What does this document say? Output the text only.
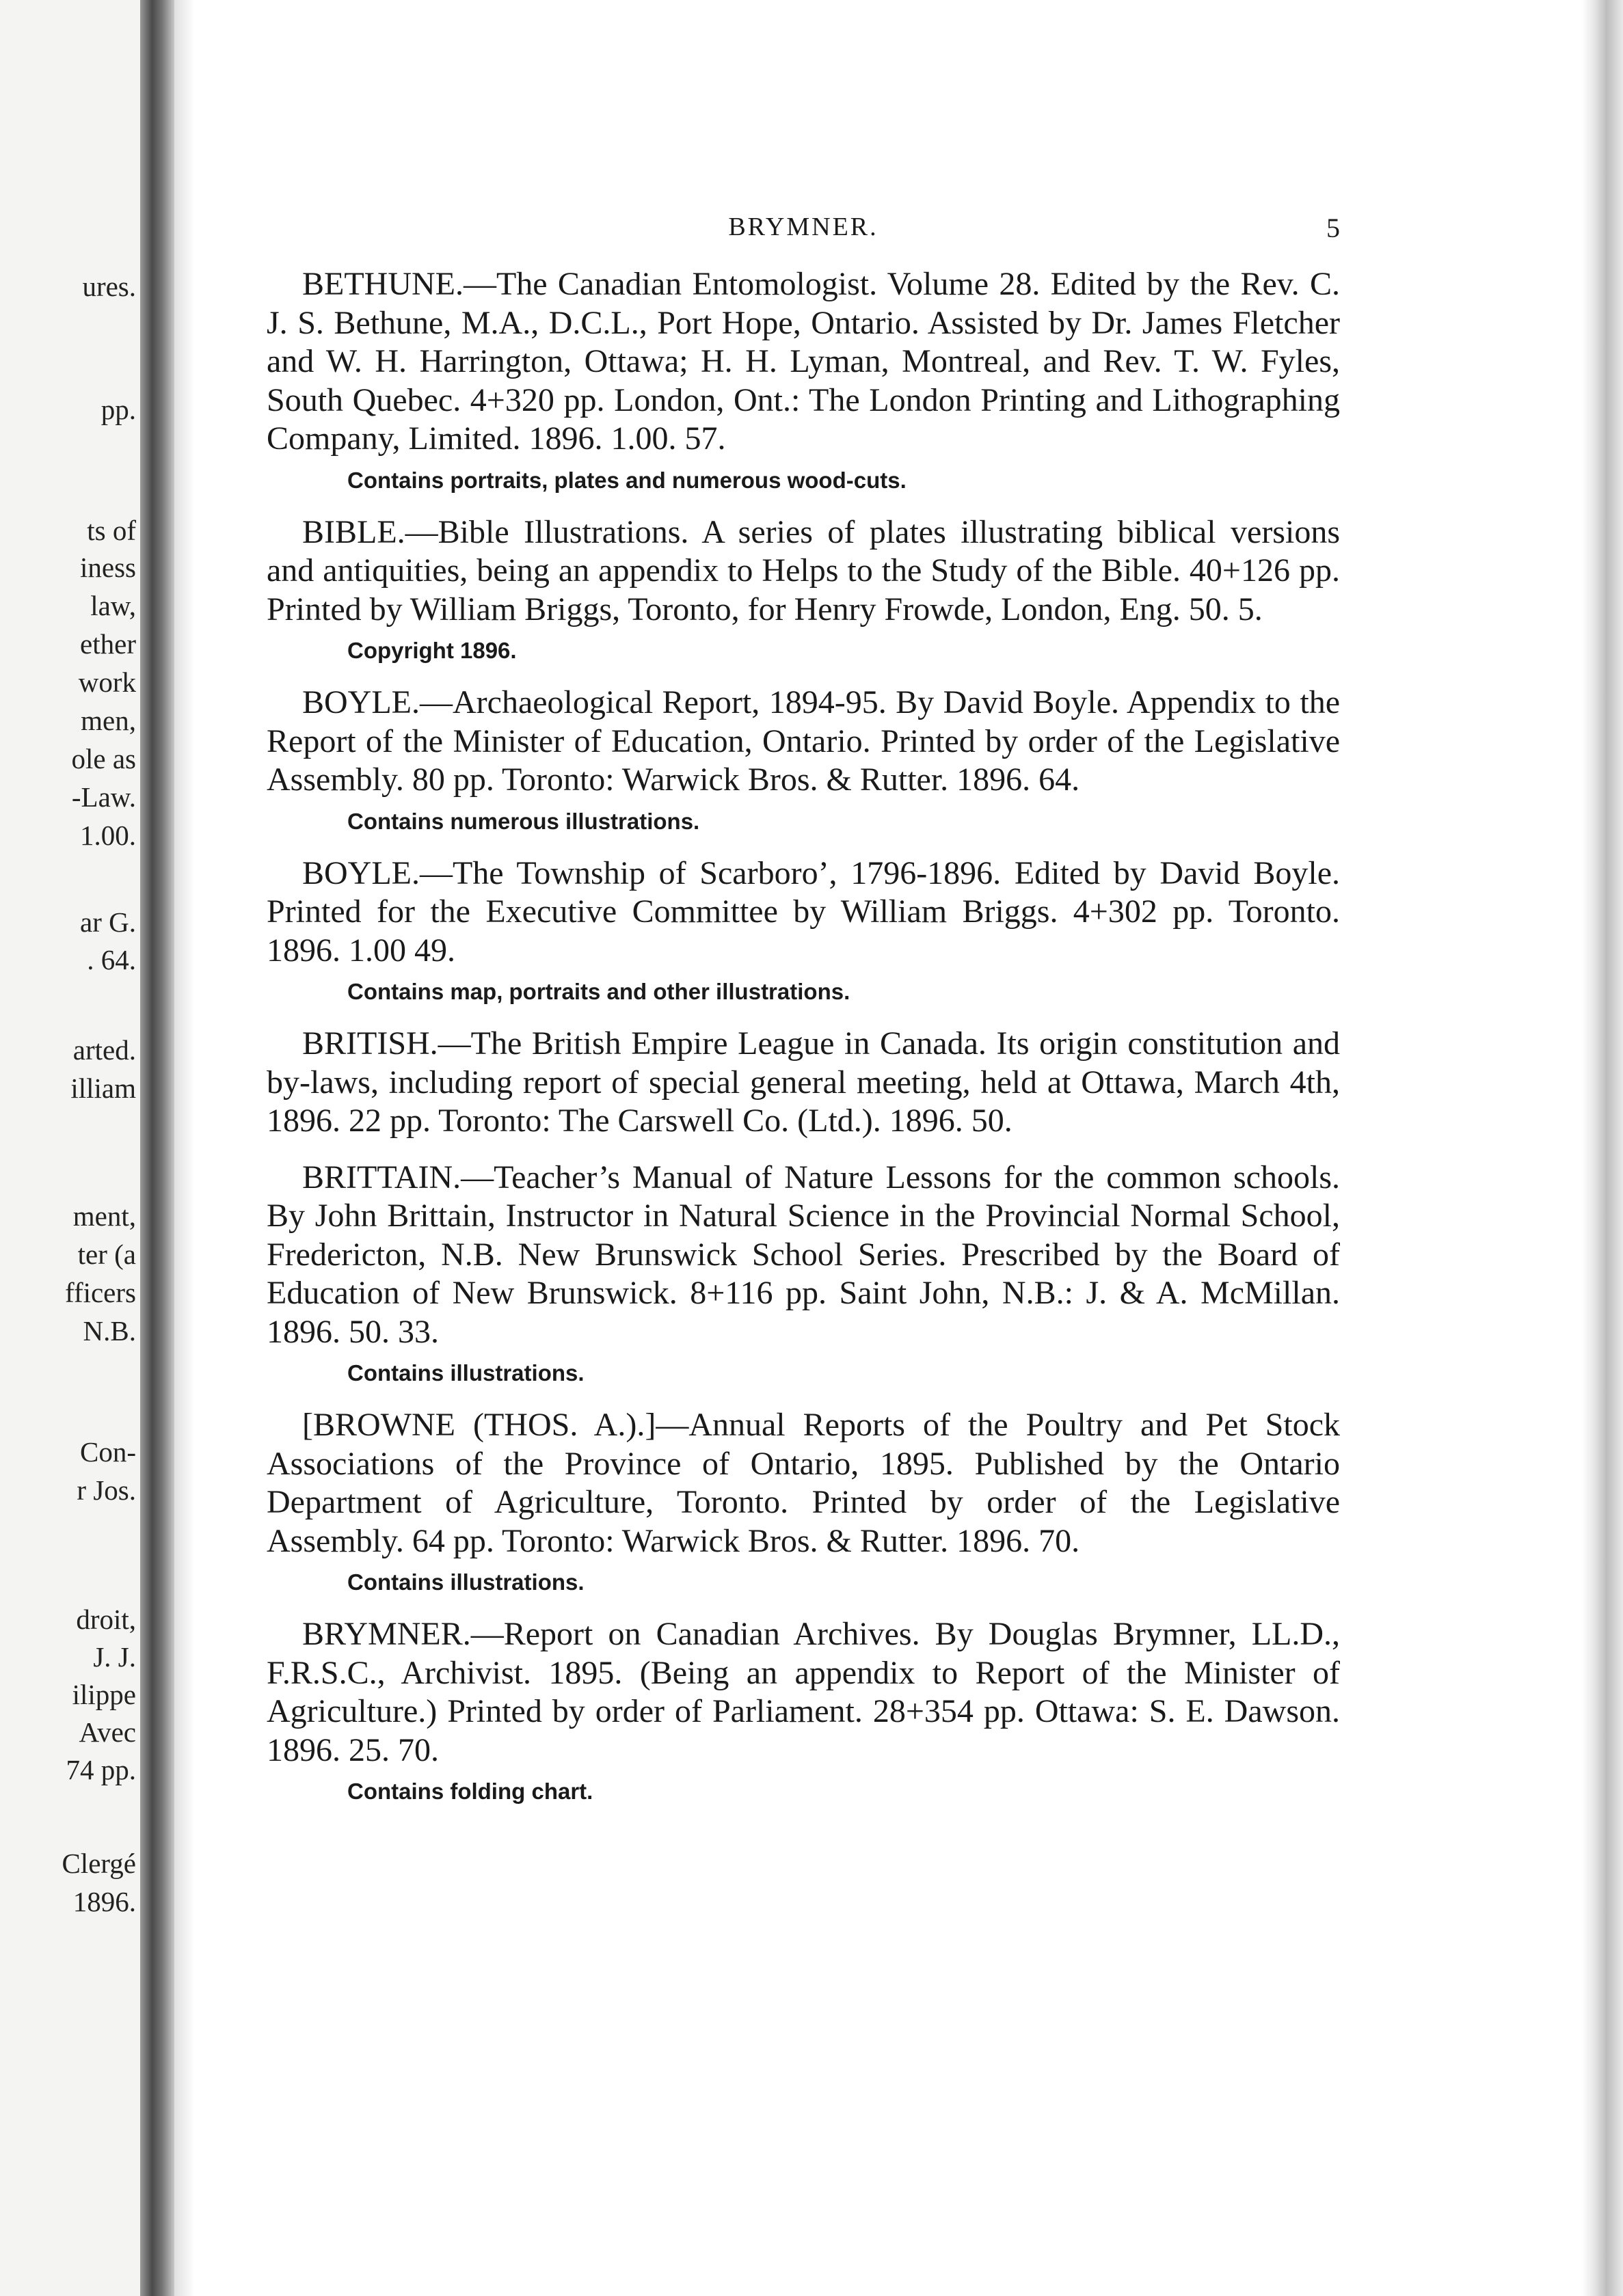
ures.
pp.
ts of
iness
law,
ether
work
men,
ole as
-Law.
1.00.
ar G.
. 64.
arted.
illiam
ment,
ter (a
fficers
N.B.
Con-
r Jos.
droit,
J. J.
ilippe
Avec
74 pp.
Clergé
1896.
BRYMNER.	5

BETHUNE.—The Canadian Entomologist. Volume 28. Edited by the Rev. C. J. S. Bethune, M.A., D.C.L., Port Hope, Ontario. Assisted by Dr. James Fletcher and W. H. Harrington, Ottawa; H. H. Lyman, Montreal, and Rev. T. W. Fyles, South Quebec. 4+320 pp. London, Ont.: The London Printing and Lithographing Company, Limited. 1896. 1.00. 57.

Contains portraits, plates and numerous wood-cuts.

BIBLE.—Bible Illustrations. A series of plates illustrating biblical versions and antiquities, being an appendix to Helps to the Study of the Bible. 40+126 pp. Printed by William Briggs, Toronto, for Henry Frowde, London, Eng. 50. 5.

Copyright 1896.

BOYLE.—Archaeological Report, 1894-95. By David Boyle. Appendix to the Report of the Minister of Education, Ontario. Printed by order of the Legislative Assembly. 80 pp. Toronto: Warwick Bros. & Rutter. 1896. 64.

Contains numerous illustrations.

BOYLE.—The Township of Scarboro’, 1796-1896. Edited by David Boyle. Printed for the Executive Committee by William Briggs. 4+302 pp. Toronto. 1896. 1.00 49.

Contains map, portraits and other illustrations.

BRITISH.—The British Empire League in Canada. Its origin constitution and by-laws, including report of special general meeting, held at Ottawa, March 4th, 1896. 22 pp. Toronto: The Carswell Co. (Ltd.). 1896. 50.

BRITTAIN.—Teacher’s Manual of Nature Lessons for the common schools. By John Brittain, Instructor in Natural Science in the Provincial Normal School, Fredericton, N.B. New Brunswick School Series. Prescribed by the Board of Education of New Brunswick. 8+116 pp. Saint John, N.B.: J. & A. McMillan. 1896. 50. 33.

Contains illustrations.

[BROWNE (THOS. A.).]—Annual Reports of the Poultry and Pet Stock Associations of the Province of Ontario, 1895. Published by the Ontario Department of Agriculture, Toronto. Printed by order of the Legislative Assembly. 64 pp. Toronto: Warwick Bros. & Rutter. 1896. 70.

Contains illustrations.

BRYMNER.—Report on Canadian Archives. By Douglas Brymner, LL.D., F.R.S.C., Archivist. 1895. (Being an appendix to Report of the Minister of Agriculture.) Printed by order of Parliament. 28+354 pp. Ottawa: S. E. Dawson. 1896. 25. 70.

Contains folding chart.
